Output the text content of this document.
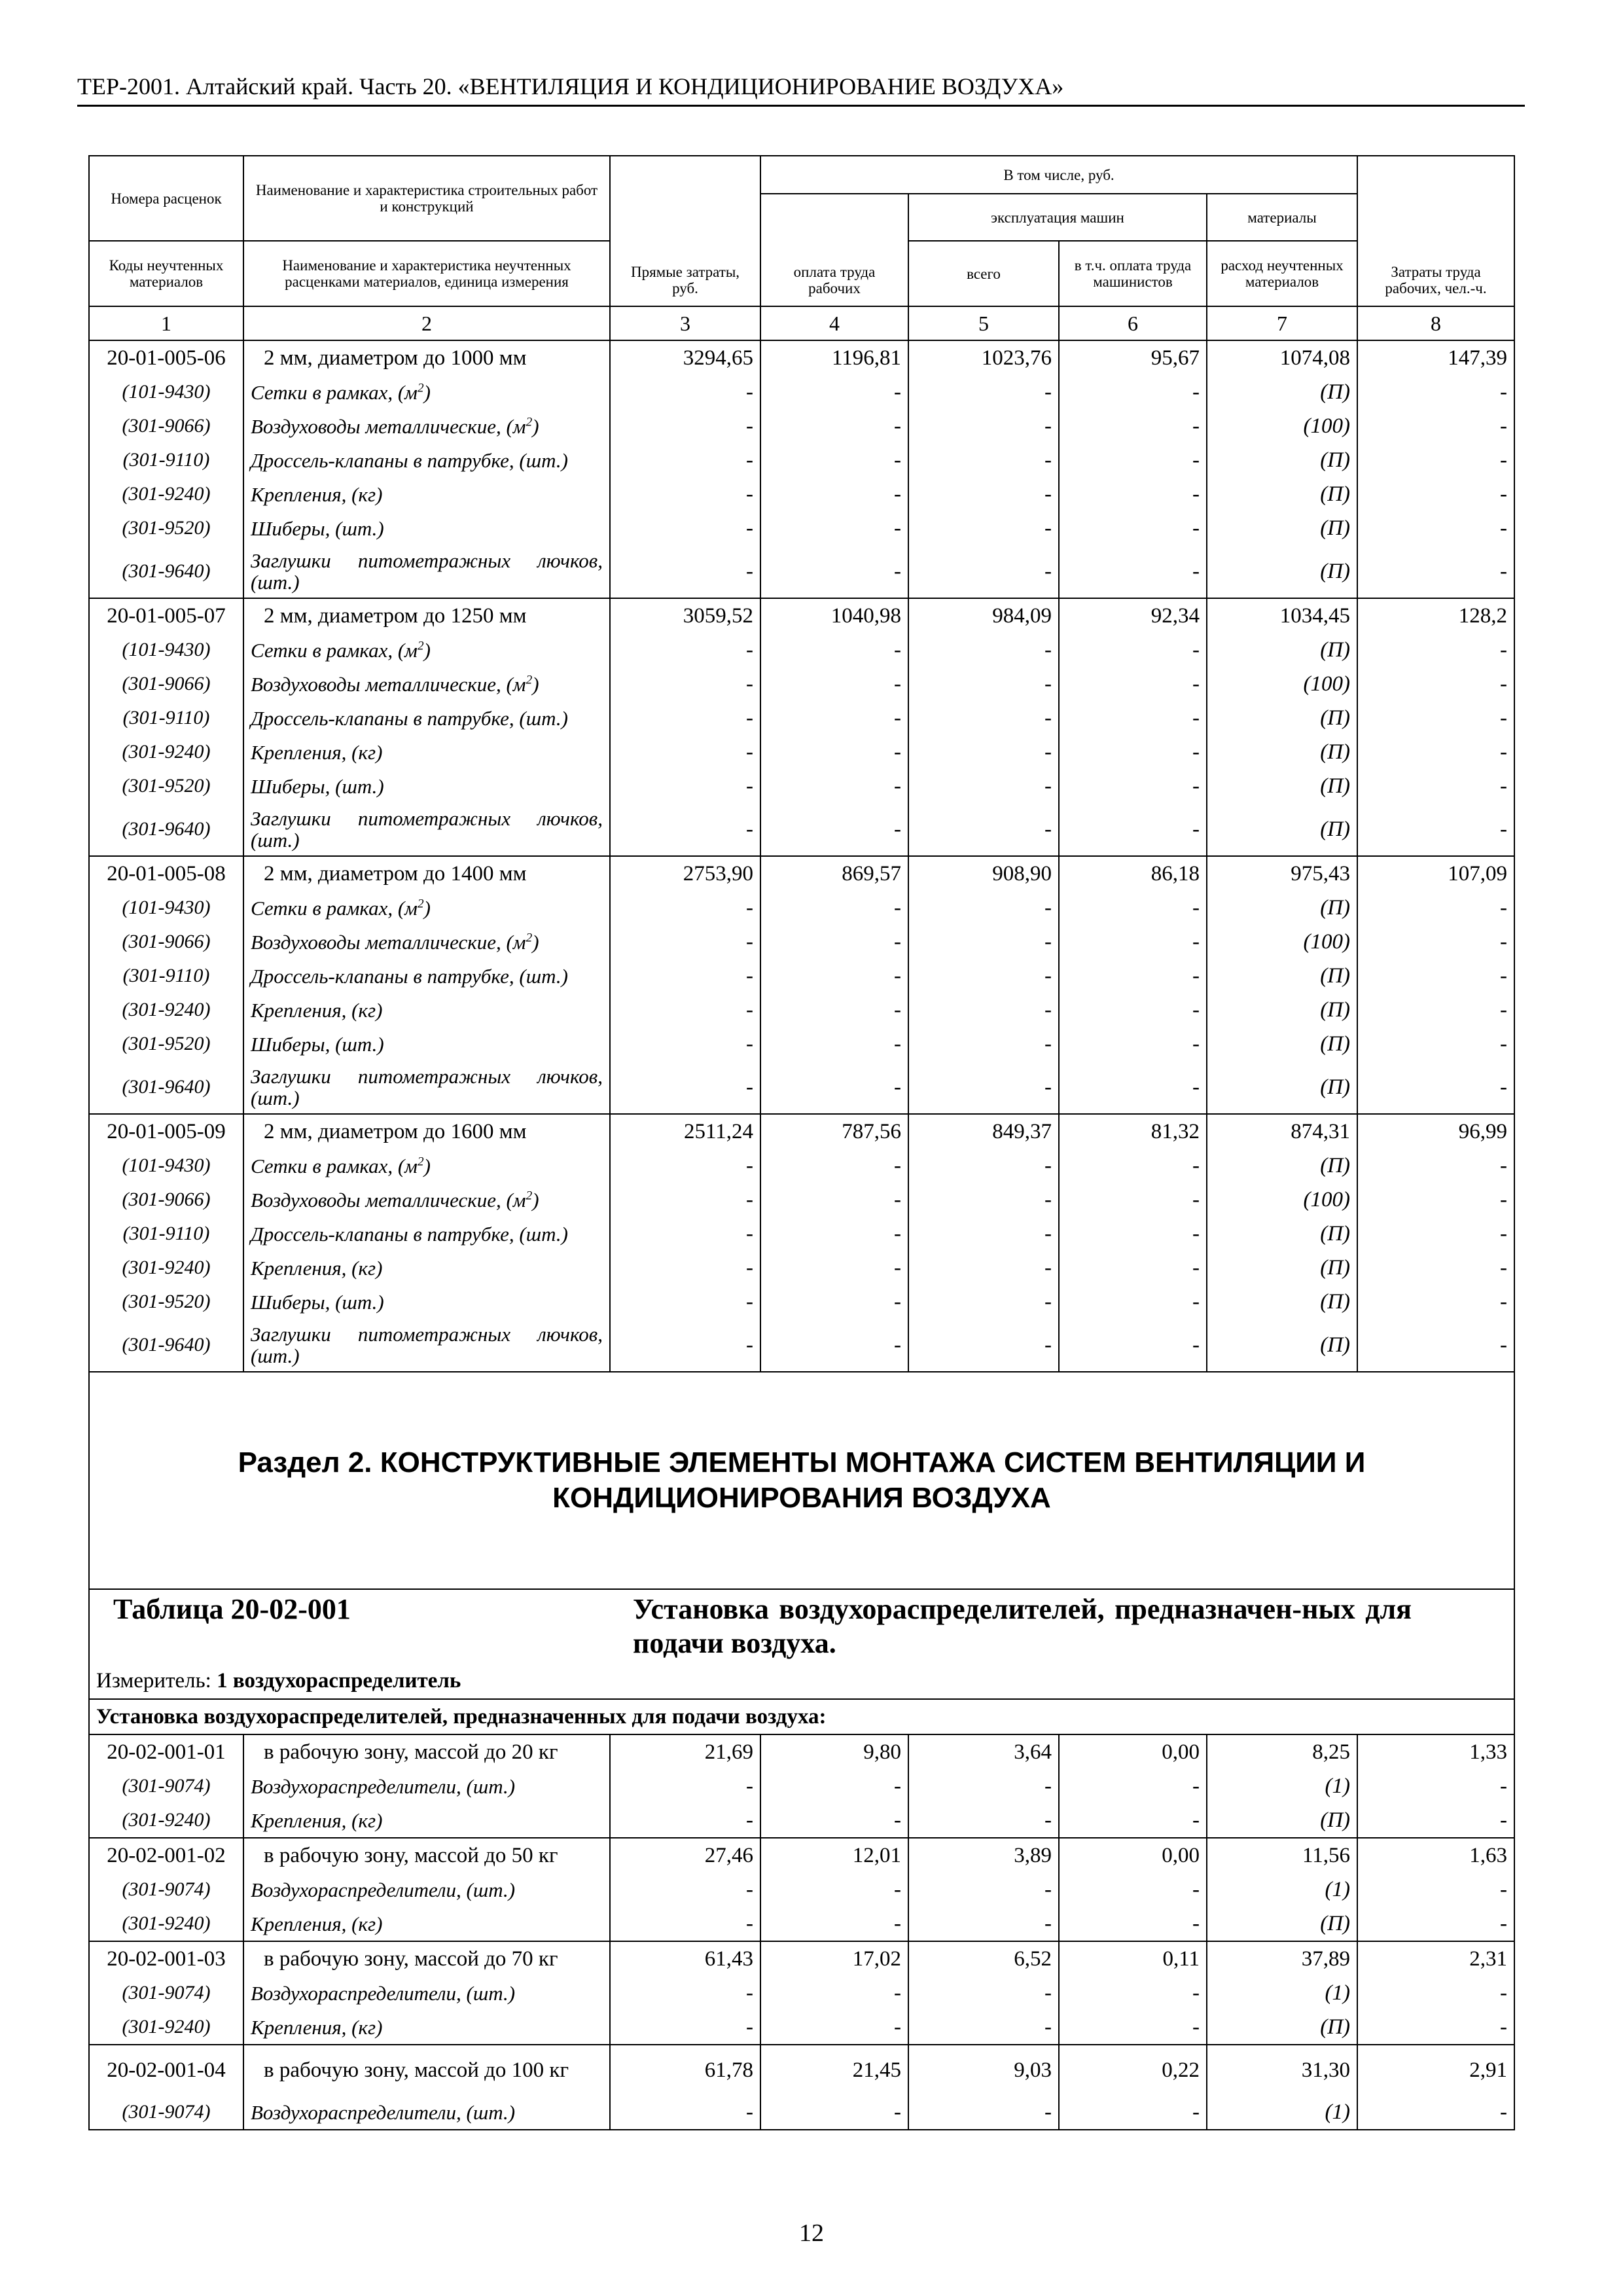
ТЕР-2001. Алтайский край. Часть 20. «ВЕНТИЛЯЦИЯ И КОНДИЦИОНИРОВАНИЕ ВОЗДУХА»
Номера расценок	Наименование и характеристика строительных работ и конструкций	Прямые затраты, руб.	В том числе, руб.				Затраты труда рабочих, чел.-ч.
			оплата труда рабочих	эксплуатация машин		материалы	
Коды неучтенных материалов	Наименование и характеристика неучтенных расценками материалов, единица измерения			всего	в т.ч. оплата труда машинистов	расход неучтенных материалов	

1	2	3	4	5	6	7	8
20-01-005-06	2 мм, диаметром до 1000 мм	3294,65	1196,81	1023,76	95,67	1074,08	147,39
(101-9430)	Сетки в рамках, $(м^2)$	-	-	-	-	(П)	-
(301-9066)	Воздуховоды металлические, $(м^2)$	-	-	-	-	(100)	-
(301-9110)	Дроссель-клапаны в патрубке, (шт.)	-	-	-	-	(П)	-
(301-9240)	Крепления, (кг)	-	-	-	-	(П)	-
(301-9520)	Шиберы, (шт.)	-	-	-	-	(П)	-
(301-9640)	Заглушки питометражных лючков, (шт.)	-	-	-	-	(П)	-
20-01-005-07	2 мм, диаметром до 1250 мм	3059,52	1040,98	984,09	92,34	1034,45	128,2
(101-9430)	Сетки в рамках, $(м^2)$	-	-	-	-	(П)	-
(301-9066)	Воздуховоды металлические, $(м^2)$	-	-	-	-	(100)	-
(301-9110)	Дроссель-клапаны в патрубке, (шт.)	-	-	-	-	(П)	-
(301-9240)	Крепления, (кг)	-	-	-	-	(П)	-
(301-9520)	Шиберы, (шт.)	-	-	-	-	(П)	-
(301-9640)	Заглушки питометражных лючков, (шт.)	-	-	-	-	(П)	-
20-01-005-08	2 мм, диаметром до 1400 мм	2753,90	869,57	908,90	86,18	975,43	107,09
(101-9430)	Сетки в рамках, $(м^2)$	-	-	-	-	(П)	-
(301-9066)	Воздуховоды металлические, $(м^2)$	-	-	-	-	(100)	-
(301-9110)	Дроссель-клапаны в патрубке, (шт.)	-	-	-	-	(П)	-
(301-9240)	Крепления, (кг)	-	-	-	-	(П)	-
(301-9520)	Шиберы, (шт.)	-	-	-	-	(П)	-
(301-9640)	Заглушки питометражных лючков, (шт.)	-	-	-	-	(П)	-
20-01-005-09	2 мм, диаметром до 1600 мм	2511,24	787,56	849,37	81,32	874,31	96,99
(101-9430)	Сетки в рамках, $(м^2)$	-	-	-	-	(П)	-
(301-9066)	Воздуховоды металлические, $(м^2)$	-	-	-	-	(100)	-
(301-9110)	Дроссель-клапаны в патрубке, (шт.)	-	-	-	-	(П)	-
(301-9240)	Крепления, (кг)	-	-	-	-	(П)	-
(301-9520)	Шиберы, (шт.)	-	-	-	-	(П)	-
(301-9640)	Заглушки питометражных лючков, (шт.)	-	-	-	-	(П)	-
Раздел 2. КОНСТРУКТИВНЫЕ ЭЛЕМЕНТЫ МОНТАЖА СИСТЕМ ВЕНТИЛЯЦИИ И КОНДИЦИОНИРОВАНИЯ ВОЗДУХА							

Таблица 20-02-001 Установка воздухораспределителей, предназначен-ных для подачи воздуха.							

Измеритель: 1 воздухораспределитель							
Установка воздухораспределителей, предназначенных для подачи воздуха:							
20-02-001-01	в рабочую зону, массой до 20 кг	21,69	9,80	3,64	0,00	8,25	1,33
(301-9074)	Воздухораспределители, (шт.)	-	-	-	-	(1)	-
(301-9240)	Крепления, (кг)	-	-	-	-	(П)	-
20-02-001-02	в рабочую зону, массой до 50 кг	27,46	12,01	3,89	0,00	11,56	1,63
(301-9074)	Воздухораспределители, (шт.)	-	-	-	-	(1)	-
(301-9240)	Крепления, (кг)	-	-	-	-	(П)	-
20-02-001-03	в рабочую зону, массой до 70 кг	61,43	17,02	6,52	0,11	37,89	2,31
(301-9074)	Воздухораспределители, (шт.)	-	-	-	-	(1)	-
(301-9240)	Крепления, (кг)	-	-	-	-	(П)	-
20-02-001-04	в рабочую зону, массой до 100 кг	61,78	21,45	9,03	0,22	31,30	2,91
(301-9074)	Воздухораспределители, (шт.)	-	-	-	-	(1)	-
12
